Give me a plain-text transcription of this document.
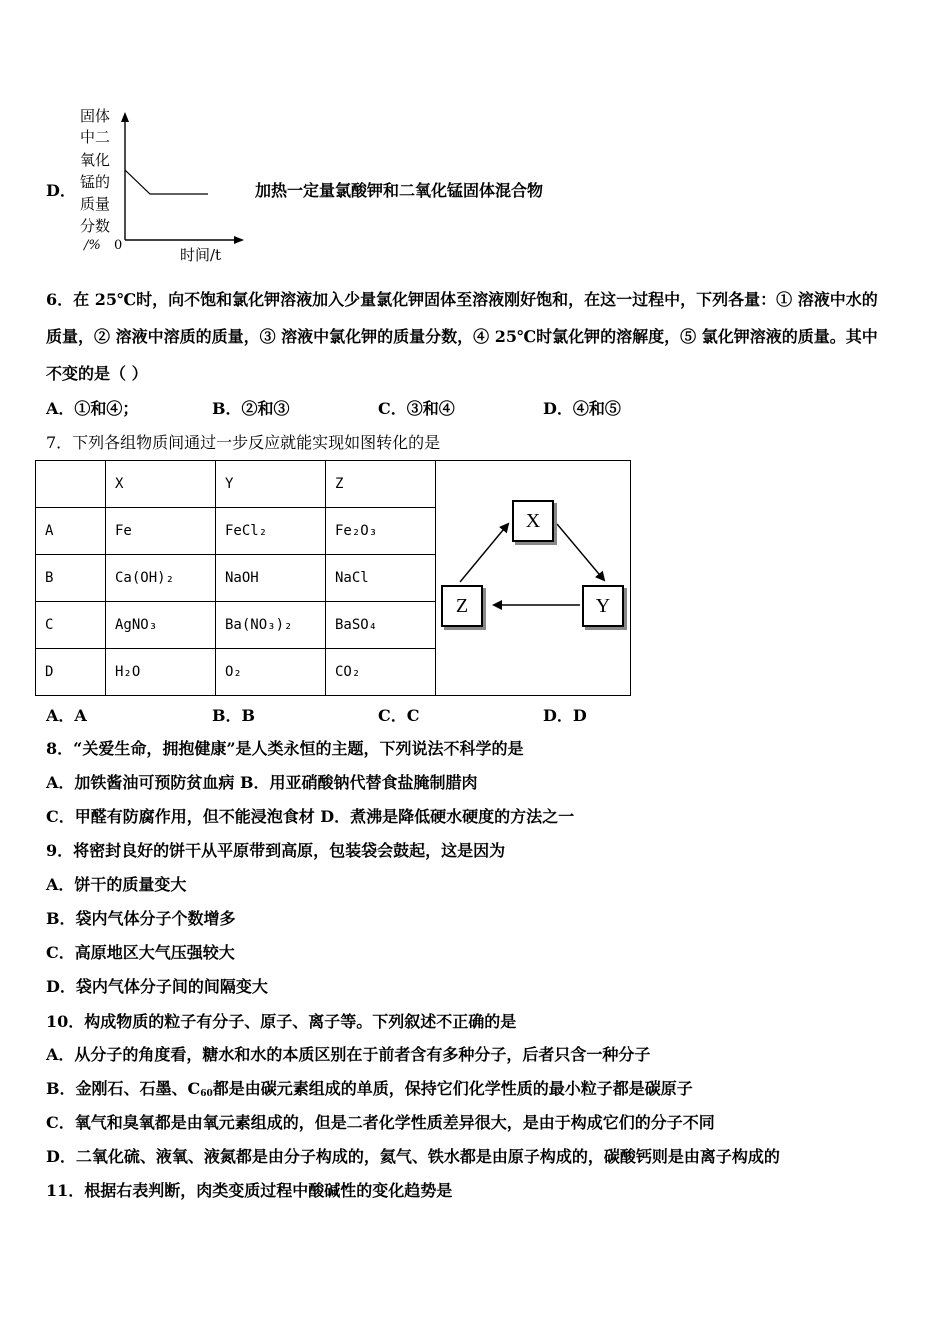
D．
固体
中二
氧化
锰的
质量
分数
/% 0
时间/t
加热一定量氯酸钾和二氧化锰固体混合物
6．在 25℃时，向不饱和氯化钾溶液加入少量氯化钾固体至溶液刚好饱和，在这一过程中，下列各量：① 溶液中水的
质量，② 溶液中溶质的质量，③ 溶液中氯化钾的质量分数，④ 25℃时氯化钾的溶解度，⑤ 氯化钾溶液的质量。其中
不变的是（ ）
A．①和④；	B．②和③	C．③和④	D．④和⑤
7．下列各组物质间通过一步反应就能实现如图转化的是
	X	Y	Z	
A	Fe	FeCl₂	Fe₂O₃	
B	Ca(OH)₂	NaOH	NaCl	
C	AgNO₃	Ba(NO₃)₂	BaSO₄	
D	H₂O	O₂	CO₂	
X
Y
Z
A．A	B．B	C．C	D．D
8．“关爱生命，拥抱健康”是人类永恒的主题，下列说法不科学的是
A．加铁酱油可预防贫血病 B．用亚硝酸钠代替食盐腌制腊肉
C．甲醛有防腐作用，但不能浸泡食材 D．煮沸是降低硬水硬度的方法之一
9．将密封良好的饼干从平原带到高原，包装袋会鼓起，这是因为
A．饼干的质量变大
B．袋内气体分子个数增多
C．高原地区大气压强较大
D．袋内气体分子间的间隔变大
10．构成物质的粒子有分子、原子、离子等。下列叙述不正确的是
A．从分子的角度看，糖水和水的本质区别在于前者含有多种分子，后者只含一种分子
B．金刚石、石墨、$C_{60}$都是由碳元素组成的单质，保持它们化学性质的最小粒子都是碳原子
C．氧气和臭氧都是由氧元素组成的，但是二者化学性质差异很大，是由于构成它们的分子不同
D．二氧化硫、液氧、液氮都是由分子构成的，氦气、铁水都是由原子构成的，碳酸钙则是由离子构成的
11．根据右表判断，肉类变质过程中酸碱性的变化趋势是
